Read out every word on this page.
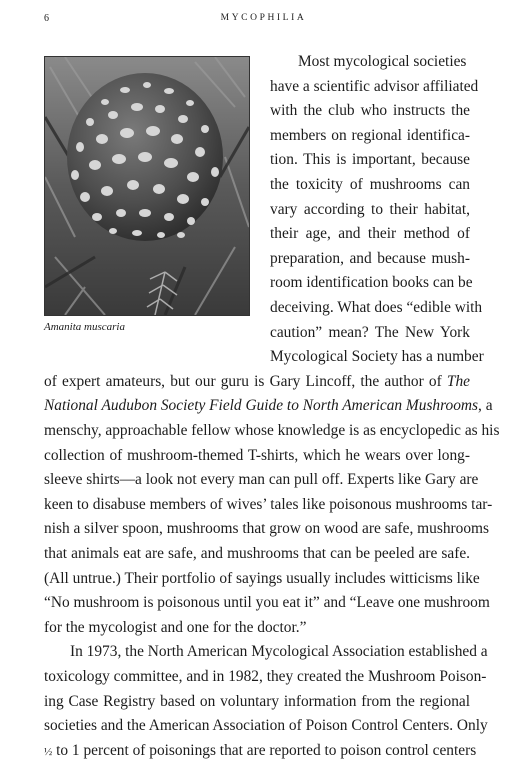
6	MYCOPHILIA
Amanita muscaria
Most mycological societies
have a scientific advisor affiliated
with the club who instructs the
members on regional identifica-
tion. This is important, because
the toxicity of mushrooms can
vary according to their habitat,
their age, and their method of
preparation, and because mush-
room identification books can be
deceiving. What does “edible with
caution” mean? The New York
Mycological Society has a number
of expert amateurs, but our guru is Gary Lincoff, the author of The
National Audubon Society Field Guide to North American Mushrooms, a
menschy, approachable fellow whose knowledge is as encyclopedic as his
collection of mushroom-themed T-shirts, which he wears over long-
sleeve shirts—a look not every man can pull off. Experts like Gary are
keen to disabuse members of wives’ tales like poisonous mushrooms tar-
nish a silver spoon, mushrooms that grow on wood are safe, mushrooms
that animals eat are safe, and mushrooms that can be peeled are safe.
(All untrue.) Their portfolio of sayings usually includes witticisms like
“No mushroom is poisonous until you eat it” and “Leave one mushroom
for the mycologist and one for the doctor.”
In 1973, the North American Mycological Association established a
toxicology committee, and in 1982, they created the Mushroom Poison-
ing Case Registry based on voluntary information from the regional
societies and the American Association of Poison Control Centers. Only
½ to 1 percent of poisonings that are reported to poison control centers
